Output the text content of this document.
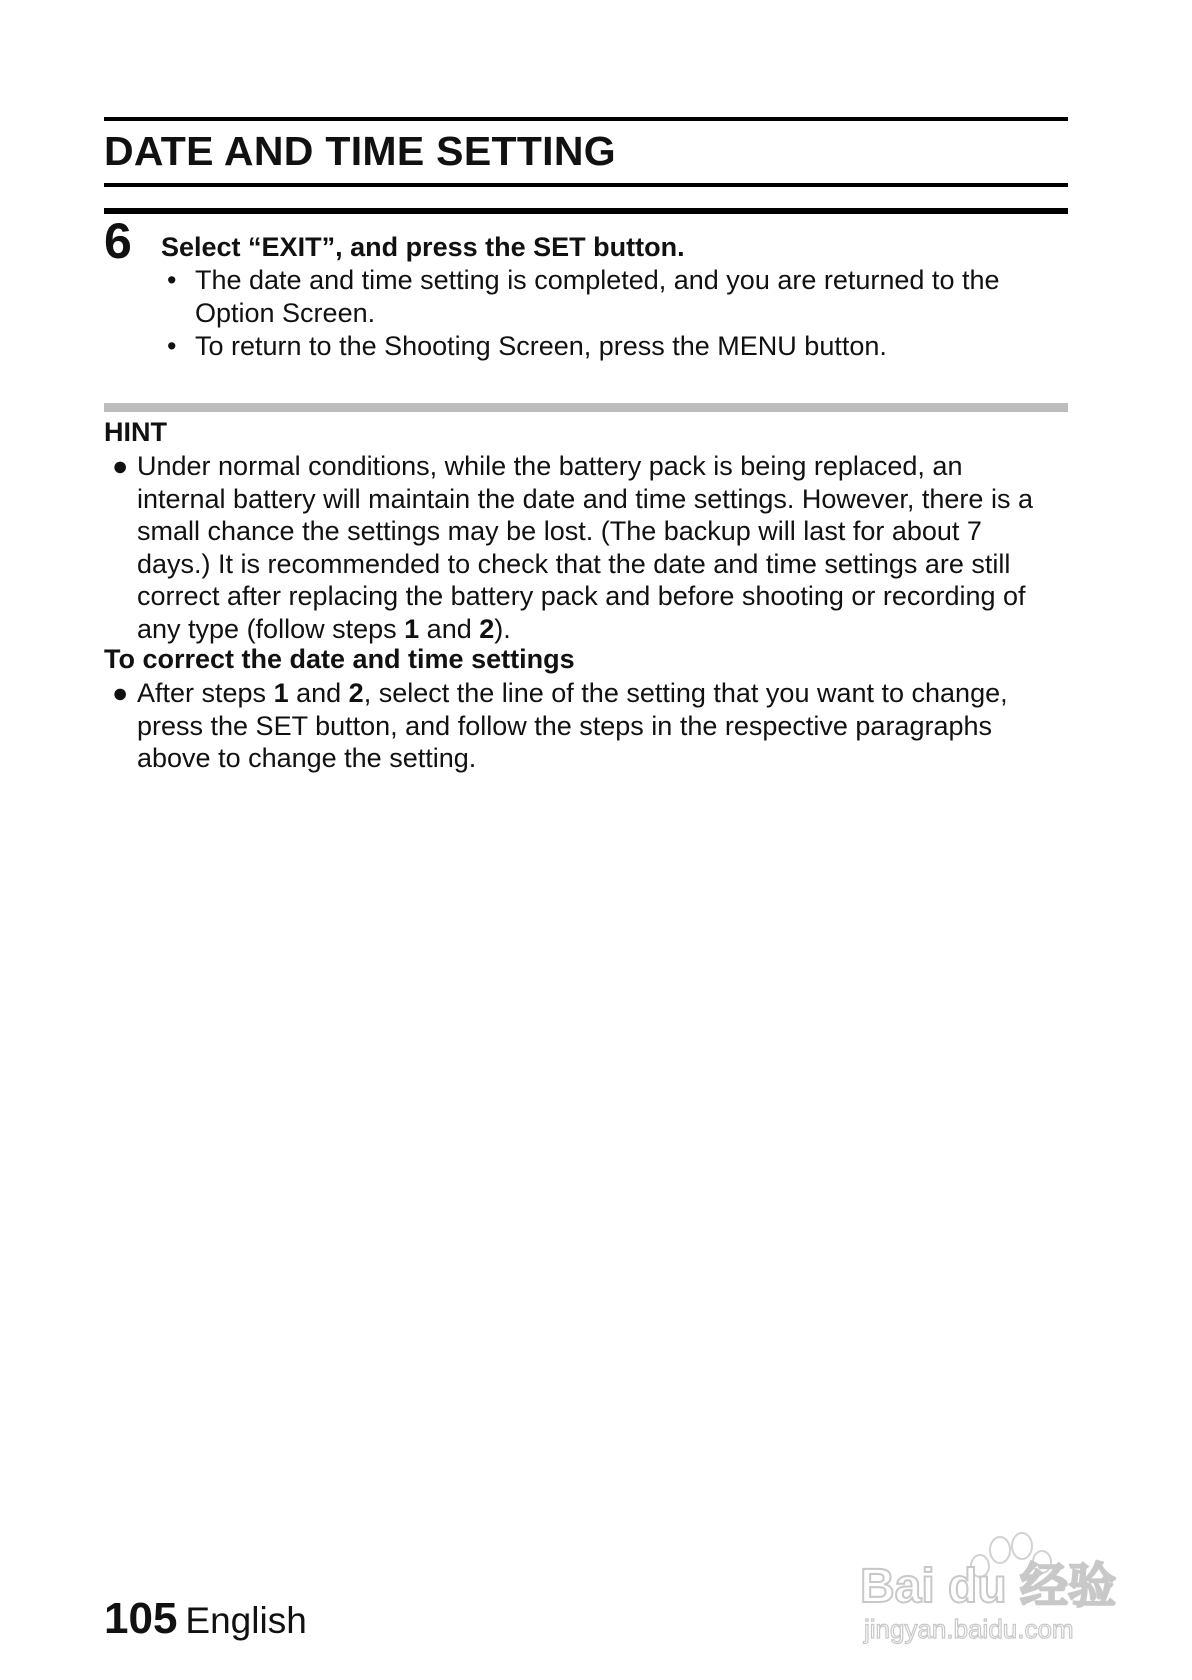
DATE AND TIME SETTING
6 Select “EXIT”, and press the SET button.
• The date and time setting is completed, and you are returned to the
Option Screen.
• To return to the Shooting Screen, press the MENU button.
HINT
● Under normal conditions, while the battery pack is being replaced, an
internal battery will maintain the date and time settings. However, there is a
small chance the settings may be lost. (The backup will last for about 7
days.) It is recommended to check that the date and time settings are still
correct after replacing the battery pack and before shooting or recording of
any type (follow steps 1 and 2).
To correct the date and time settings
● After steps 1 and 2, select the line of the setting that you want to change,
press the SET button, and follow the steps in the respective paragraphs
above to change the setting.
105 English
Bai du 经验
jingyan.baidu.com
